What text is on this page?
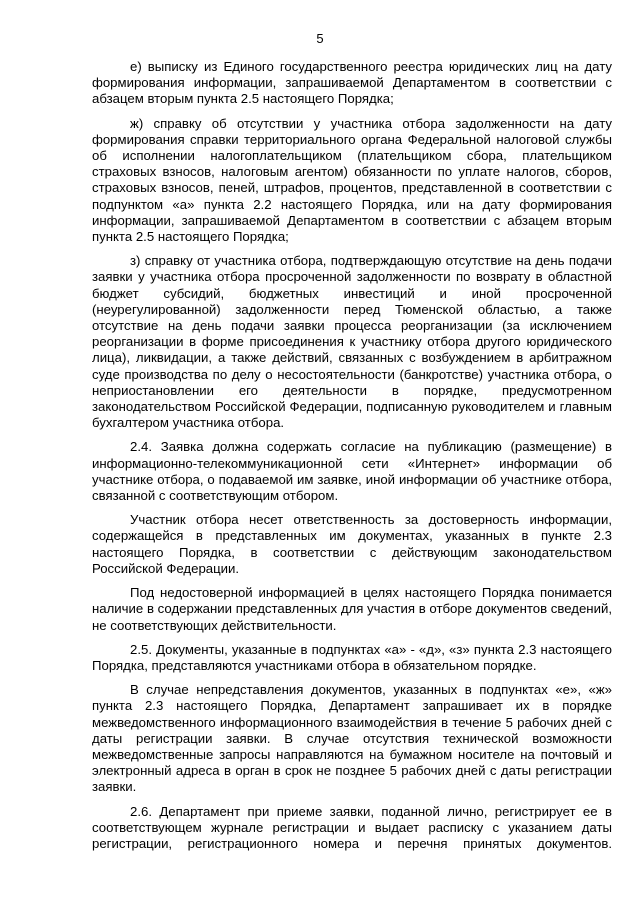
5

е) выписку из Единого государственного реестра юридических лиц на дату формирования информации, запрашиваемой Департаментом в соответствии с абзацем вторым пункта 2.5 настоящего Порядка;

ж) справку об отсутствии у участника отбора задолженности на дату формирования справки территориального органа Федеральной налоговой службы об исполнении налогоплательщиком (плательщиком сбора, плательщиком страховых взносов, налоговым агентом) обязанности по уплате налогов, сборов, страховых взносов, пеней, штрафов, процентов, представленной в соответствии с подпунктом «а» пункта 2.2 настоящего Порядка, или на дату формирования информации, запрашиваемой Департаментом в соответствии с абзацем вторым пункта 2.5 настоящего Порядка;

з) справку от участника отбора, подтверждающую отсутствие на день подачи заявки у участника отбора просроченной задолженности по возврату в областной бюджет субсидий, бюджетных инвестиций и иной просроченной (неурегулированной) задолженности перед Тюменской областью, а также отсутствие на день подачи заявки процесса реорганизации (за исключением реорганизации в форме присоединения к участнику отбора другого юридического лица), ликвидации, а также действий, связанных с возбуждением в арбитражном суде производства по делу о несостоятельности (банкротстве) участника отбора, о неприостановлении его деятельности в порядке, предусмотренном законодательством Российской Федерации, подписанную руководителем и главным бухгалтером участника отбора.

2.4. Заявка должна содержать согласие на публикацию (размещение) в информационно-телекоммуникационной сети «Интернет» информации об участнике отбора, о подаваемой им заявке, иной информации об участнике отбора, связанной с соответствующим отбором.

Участник отбора несет ответственность за достоверность информации, содержащейся в представленных им документах, указанных в пункте 2.3 настоящего Порядка, в соответствии с действующим законодательством Российской Федерации.

Под недостоверной информацией в целях настоящего Порядка понимается наличие в содержании представленных для участия в отборе документов сведений, не соответствующих действительности.

2.5. Документы, указанные в подпунктах «а» - «д», «з» пункта 2.3 настоящего Порядка, представляются участниками отбора в обязательном порядке.

В случае непредставления документов, указанных в подпунктах «е», «ж» пункта 2.3 настоящего Порядка, Департамент запрашивает их в порядке межведомственного информационного взаимодействия в течение 5 рабочих дней с даты регистрации заявки. В случае отсутствия технической возможности межведомственные запросы направляются на бумажном носителе на почтовый и электронный адреса в орган в срок не позднее 5 рабочих дней с даты регистрации заявки.

2.6. Департамент при приеме заявки, поданной лично, регистрирует ее в соответствующем журнале регистрации и выдает расписку с указанием даты регистрации, регистрационного номера и перечня принятых документов.
